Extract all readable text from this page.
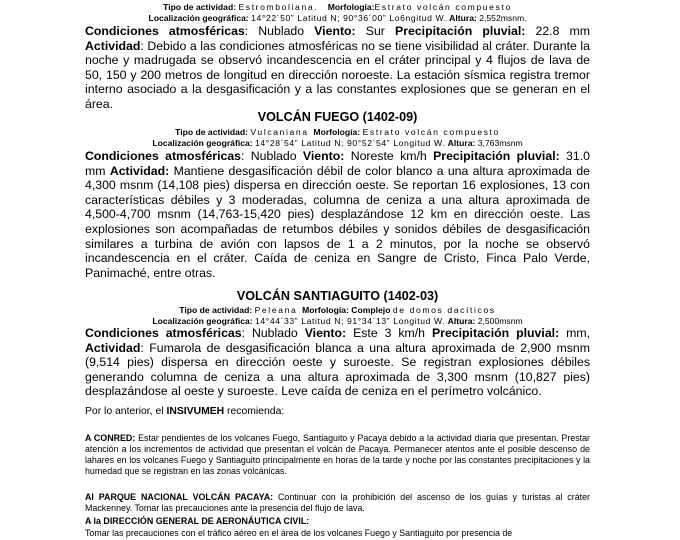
Tipo de actividad: Estromboliana. Morfología:Estrato volcán compuesto
Localización geográfica: 14°22´50” Latitud N; 90°36´00” Lo6ngitud W. Altura: 2,552msnm.
Condiciones atmosféricas: Nublado Viento: Sur Precipitación pluvial: 22.8 mm Actividad: Debido a las condiciones atmosféricas no se tiene visibilidad al cráter. Durante la noche y madrugada se observó incandescencia en el cráter principal y 4 flujos de lava de 50, 150 y 200 metros de longitud en dirección noroeste. La estación sísmica registra tremor interno asociado a la desgasificación y a las constantes explosiones que se generan en el área.
VOLCÁN FUEGO (1402-09)
Tipo de actividad: Vulcaniana Morfología: Estrato volcán compuesto
Localización geográfica: 14°28´54” Latitud N; 90°52´54” Longitud W. Altura: 3,763msnm
Condiciones atmosféricas: Nublado Viento: Noreste km/h Precipitación pluvial: 31.0 mm Actividad: Mantiene desgasificación débil de color blanco a una altura aproximada de 4,300 msnm (14,108 pies) dispersa en dirección oeste. Se reportan 16 explosiones, 13 con características débiles y 3 moderadas, columna de ceniza a una altura aproximada de 4,500-4,700 msnm (14,763-15,420 pies) desplazándose 12 km en dirección oeste. Las explosiones son acompañadas de retumbos débiles y sonidos débiles de desgasificación similares a turbina de avión con lapsos de 1 a 2 minutos, por la noche se observó incandescencia en el cráter. Caída de ceniza en Sangre de Cristo, Finca Palo Verde, Panimaché, entre otras.
VOLCÁN SANTIAGUITO (1402-03)
Tipo de actividad: Peleana Morfología: Complejo de domos dacíticos
Localización geográfica: 14°44´33” Latitud N; 91°34´13” Longitud W. Altura: 2,500msnm
Condiciones atmosféricas: Nublado Viento: Este 3 km/h Precipitación pluvial: mm, Actividad: Fumarola de desgasificación blanca a una altura aproximada de 2,900 msnm (9,514 pies) dispersa en dirección oeste y suroeste. Se registran explosiones débiles generando columna de ceniza a una altura aproximada de 3,300 msnm (10,827 pies) desplazándose al oeste y suroeste. Leve caída de ceniza en el perímetro volcánico.
Por lo anterior, el INSIVUMEH recomienda:
A CONRED: Estar pendientes de los volcanes Fuego, Santiaguito y Pacaya debido a la actividad diaria que presentan. Prestar atención a los incrementos de actividad que presentan el volcán de Pacaya. Permanecer atentos ante el posible descenso de lahares en los volcanes Fuego y Santiaguito principalmente en horas de la tarde y noche por las constantes precipitaciones y la humedad que se registran en las zonas volcánicas.
Al PARQUE NACIONAL VOLCÁN PACAYA: Continuar con la prohibición del ascenso de los guías y turistas al cráter Mackenney. Tomar las precauciones ante la presencia del flujo de lava.
A la DIRECCIÓN GENERAL DE AERONÁUTICA CIVIL:
Tomar las precauciones con el tráfico aéreo en el área de los volcanes Fuego y Santiaguito por presencia de
